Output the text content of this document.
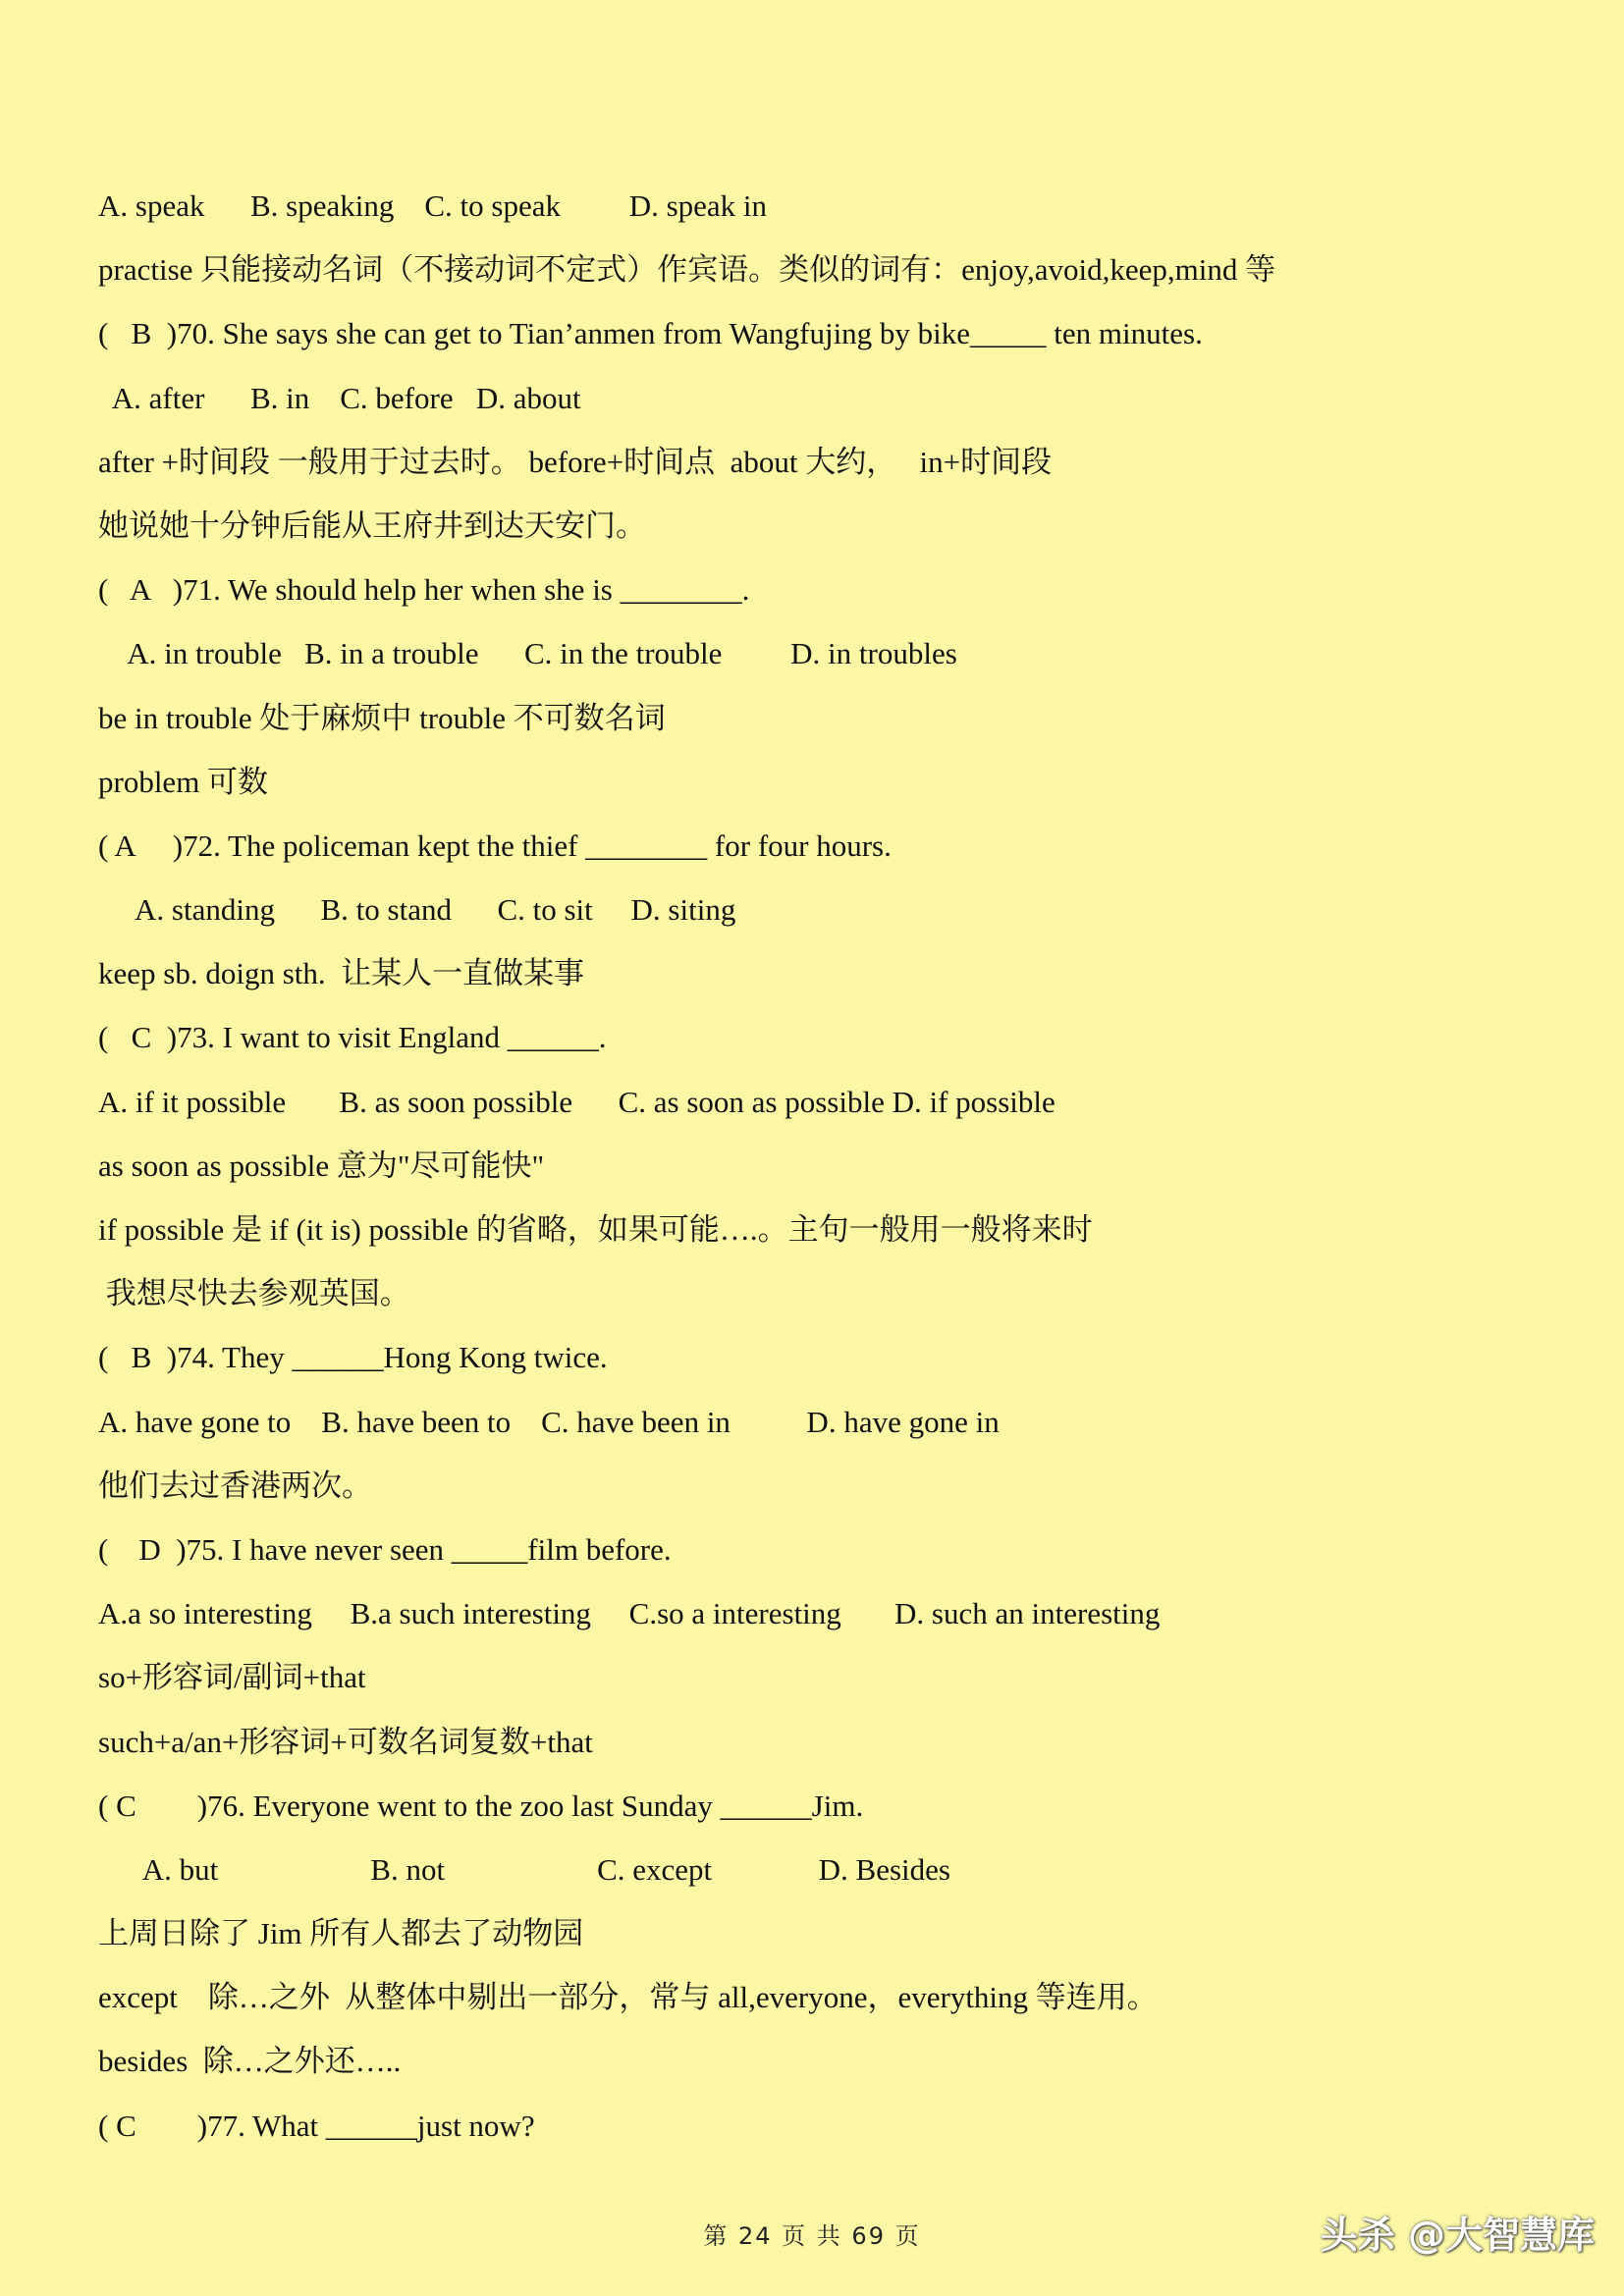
A. speak      B. speaking    C. to speak         D. speak in
practise 只能接动名词（不接动词不定式）作宾语。类似的词有：enjoy,avoid,keep,mind 等
(   B  )70. She says she can get to Tian’anmen from Wangfujing by bike_____ ten minutes.
A. after      B. in    C. before   D. about
after +时间段 一般用于过去时。 before+时间点  about 大约，   in+时间段
她说她十分钟后能从王府井到达天安门。
(   A   )71. We should help her when she is ________.
A. in trouble   B. in a trouble      C. in the trouble         D. in troubles
be in trouble 处于麻烦中 trouble 不可数名词
problem 可数
( A     )72. The policeman kept the thief ________ for four hours.
A. standing      B. to stand      C. to sit     D. siting
keep sb. doign sth.  让某人一直做某事
(   C  )73. I want to visit England ______.
A. if it possible       B. as soon possible      C. as soon as possible D. if possible
as soon as possible 意为"尽可能快"
if possible 是 if (it is) possible 的省略，如果可能….。主句一般用一般将来时
我想尽快去参观英国。
(   B  )74. They ______Hong Kong twice.
A. have gone to    B. have been to    C. have been in          D. have gone in
他们去过香港两次。
(    D  )75. I have never seen _____film before.
A.a so interesting     B.a such interesting     C.so a interesting       D. such an interesting
so+形容词/副词+that
such+a/an+形容词+可数名词复数+that
( C        )76. Everyone went to the zoo last Sunday ______Jim.
A. but                    B. not                    C. except              D. Besides
上周日除了 Jim 所有人都去了动物园
except    除…之外  从整体中剔出一部分，常与 all,everyone，everything 等连用。
besides  除…之外还…..
( C        )77. What ______just now?
第 24 页 共 69 页	头杀 @大智慧库
